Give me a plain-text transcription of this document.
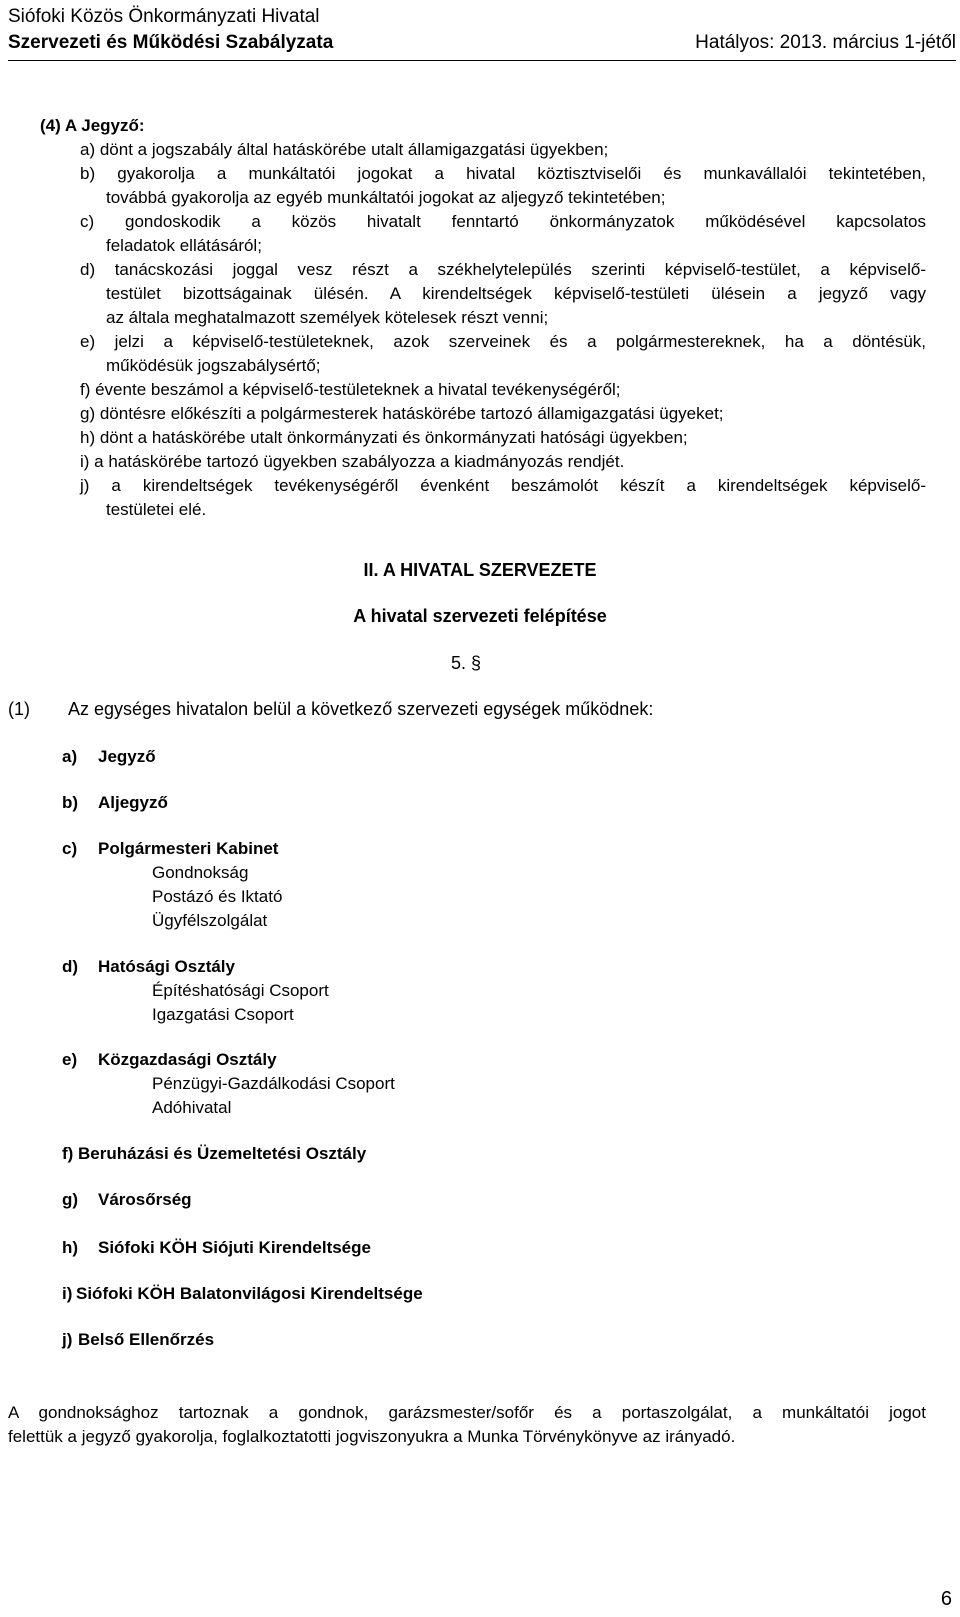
Siófoki Közös Önkormányzati Hivatal
Szervezeti és Működési Szabályzata	Hatályos: 2013. március 1-jétől
(4) A Jegyző:
a) dönt a jogszabály által hatáskörébe utalt államigazgatási ügyekben;
b) gyakorolja a munkáltatói jogokat a hivatal köztisztviselői és munkavállalói tekintetében,
továbbá gyakorolja az egyéb munkáltatói jogokat az aljegyző tekintetében;
c) gondoskodik a közös hivatalt fenntartó önkormányzatok működésével kapcsolatos
feladatok ellátásáról;
d) tanácskozási joggal vesz részt a székhelytelepülés szerinti képviselő-testület, a képviselő-
testület bizottságainak ülésén. A kirendeltségek képviselő-testületi ülésein a jegyző vagy
az általa meghatalmazott személyek kötelesek részt venni;
e) jelzi a képviselő-testületeknek, azok szerveinek és a polgármestereknek, ha a döntésük,
működésük jogszabálysértő;
f) évente beszámol a képviselő-testületeknek a hivatal tevékenységéről;
g) döntésre előkészíti a polgármesterek hatáskörébe tartozó államigazgatási ügyeket;
h) dönt a hatáskörébe utalt önkormányzati és önkormányzati hatósági ügyekben;
i) a hatáskörébe tartozó ügyekben szabályozza a kiadmányozás rendjét.
j) a kirendeltségek tevékenységéről évenként beszámolót készít a kirendeltségek képviselő-
testületei elé.
II. A HIVATAL SZERVEZETE
A hivatal szervezeti felépítése
5. §
(1) Az egységes hivatalon belül a következő szervezeti egységek működnek:
a) Jegyző
b) Aljegyző
c) Polgármesteri Kabinet
Gondnokság
Postázó és Iktató
Ügyfélszolgálat
d) Hatósági Osztály
Építéshatósági Csoport
Igazgatási Csoport
e) Közgazdasági Osztály
Pénzügyi-Gazdálkodási Csoport
Adóhivatal
f) Beruházási és Üzemeltetési Osztály
g) Városőrség
h) Siófoki KÖH Siójuti Kirendeltsége
i) Siófoki KÖH Balatonvilágosi Kirendeltsége
j) Belső Ellenőrzés
A gondnoksághoz tartoznak a gondnok, garázsmester/sofőr és a portaszolgálat, a munkáltatói jogot
felettük a jegyző gyakorolja, foglalkoztatotti jogviszonyukra a Munka Törvénykönyve az irányadó.
6
